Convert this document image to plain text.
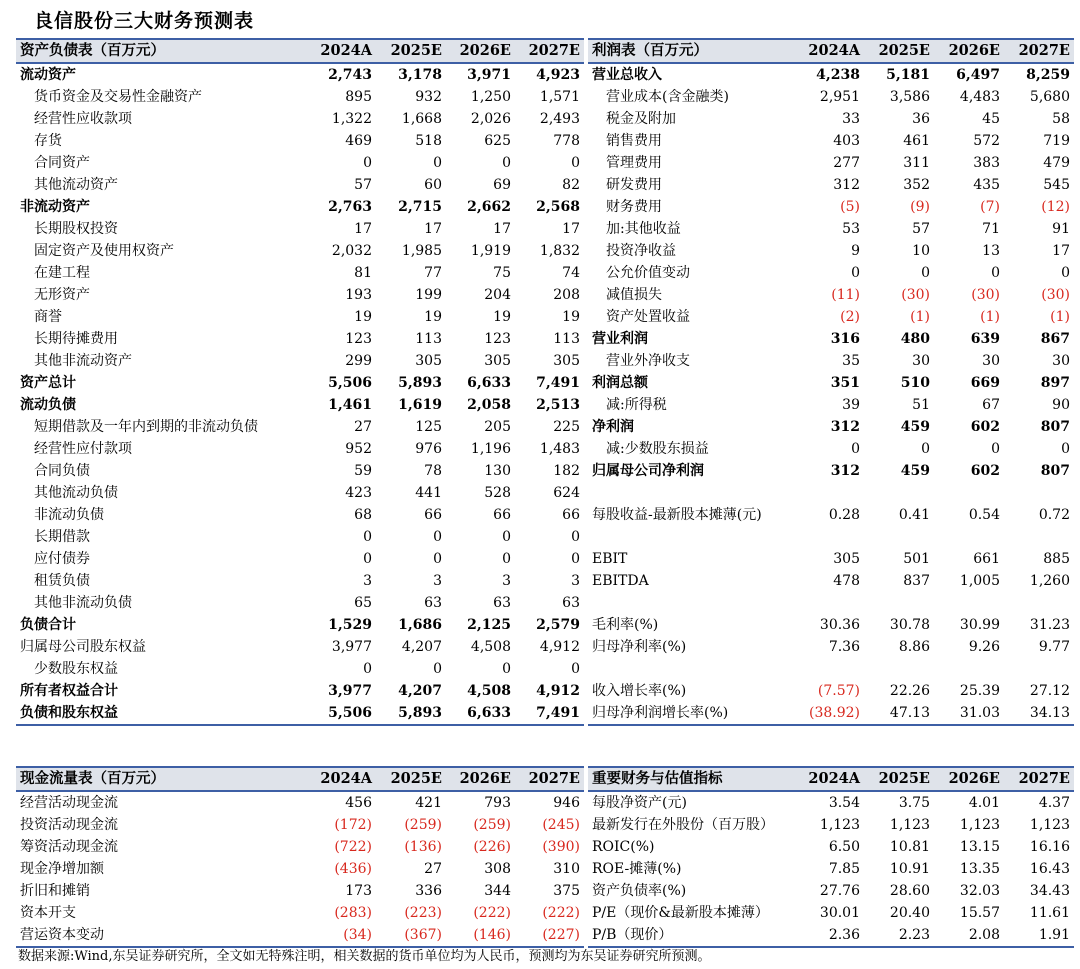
良信股份三大财务预测表
资产负债表（百万元）	2024A	2025E	2026E	2027E
流动资产	2,743	3,178	3,971	4,923
货币资金及交易性金融资产	895	932	1,250	1,571
经营性应收款项	1,322	1,668	2,026	2,493
存货	469	518	625	778
合同资产	0	0	0	0
其他流动资产	57	60	69	82
非流动资产	2,763	2,715	2,662	2,568
长期股权投资	17	17	17	17
固定资产及使用权资产	2,032	1,985	1,919	1,832
在建工程	81	77	75	74
无形资产	193	199	204	208
商誉	19	19	19	19
长期待摊费用	123	113	123	113
其他非流动资产	299	305	305	305
资产总计	5,506	5,893	6,633	7,491
流动负债	1,461	1,619	2,058	2,513
短期借款及一年内到期的非流动负债	27	125	205	225
经营性应付款项	952	976	1,196	1,483
合同负债	59	78	130	182
其他流动负债	423	441	528	624
非流动负债	68	66	66	66
长期借款	0	0	0	0
应付债券	0	0	0	0
租赁负债	3	3	3	3
其他非流动负债	65	63	63	63
负债合计	1,529	1,686	2,125	2,579
归属母公司股东权益	3,977	4,207	4,508	4,912
少数股东权益	0	0	0	0
所有者权益合计	3,977	4,207	4,508	4,912
负债和股东权益	5,506	5,893	6,633	7,491
利润表（百万元）	2024A	2025E	2026E	2027E
营业总收入	4,238	5,181	6,497	8,259
营业成本(含金融类)	2,951	3,586	4,483	5,680
税金及附加	33	36	45	58
销售费用	403	461	572	719
管理费用	277	311	383	479
研发费用	312	352	435	545
财务费用	(5)	(9)	(7)	(12)
加:其他收益	53	57	71	91
投资净收益	9	10	13	17
公允价值变动	0	0	0	0
减值损失	(11)	(30)	(30)	(30)
资产处置收益	(2)	(1)	(1)	(1)
营业利润	316	480	639	867
营业外净收支	35	30	30	30
利润总额	351	510	669	897
减:所得税	39	51	67	90
净利润	312	459	602	807
减:少数股东损益	0	0	0	0
归属母公司净利润	312	459	602	807

每股收益-最新股本摊薄(元)	0.28	0.41	0.54	0.72

EBIT	305	501	661	885
EBITDA	478	837	1,005	1,260

毛利率(%)	30.36	30.78	30.99	31.23
归母净利率(%)	7.36	8.86	9.26	9.77

收入增长率(%)	(7.57)	22.26	25.39	27.12
归母净利润增长率(%)	(38.92)	47.13	31.03	34.13
现金流量表（百万元）	2024A	2025E	2026E	2027E
经营活动现金流	456	421	793	946
投资活动现金流	(172)	(259)	(259)	(245)
筹资活动现金流	(722)	(136)	(226)	(390)
现金净增加额	(436)	27	308	310
折旧和摊销	173	336	344	375
资本开支	(283)	(223)	(222)	(222)
营运资本变动	(34)	(367)	(146)	(227)
重要财务与估值指标	2024A	2025E	2026E	2027E
每股净资产(元)	3.54	3.75	4.01	4.37
最新发行在外股份（百万股）	1,123	1,123	1,123	1,123
ROIC(%)	6.50	10.81	13.15	16.16
ROE-摊薄(%)	7.85	10.91	13.35	16.43
资产负债率(%)	27.76	28.60	32.03	34.43
P/E（现价&最新股本摊薄）	30.01	20.40	15.57	11.61
P/B（现价）	2.36	2.23	2.08	1.91
数据来源:Wind,东吴证券研究所，全文如无特殊注明，相关数据的货币单位均为人民币，预测均为东吴证券研究所预测。
